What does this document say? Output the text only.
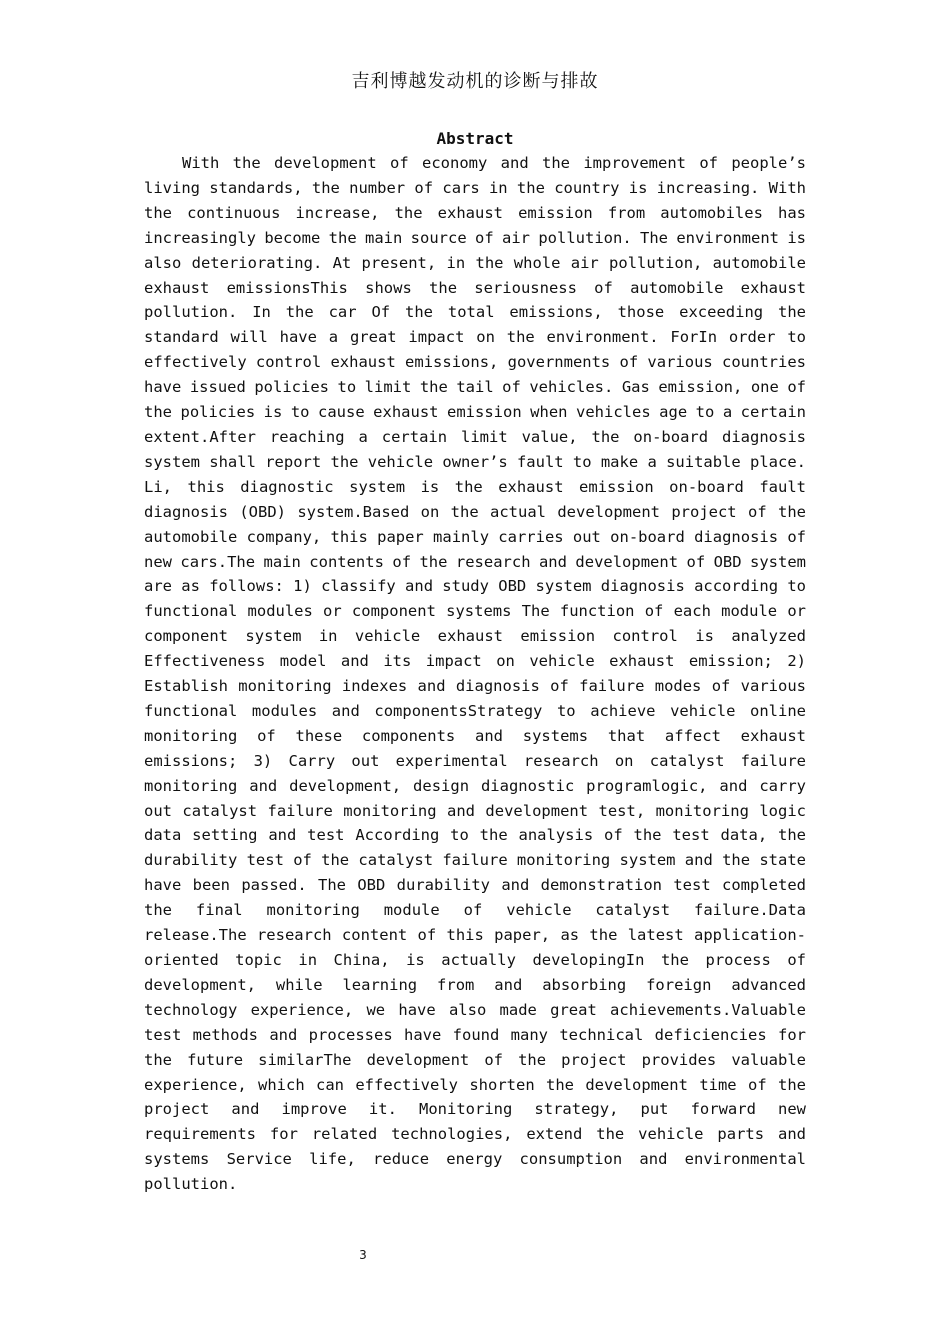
吉利博越发动机的诊断与排故
Abstract

With the development of economy and the improvement of people’s living standards, the number of cars in the country is increasing. With the continuous increase, the exhaust emission from automobiles has increasingly become the main source of air pollution. The environment is also deteriorating. At present, in the whole air pollution, automobile exhaust emissionsThis shows the seriousness of automobile exhaust pollution. In the car Of the total emissions, those exceeding the standard will have a great impact on the environment. ForIn order to effectively control exhaust emissions, governments of various countries have issued policies to limit the tail of vehicles. Gas emission, one of the policies is to cause exhaust emission when vehicles age to a certain extent.After reaching a certain limit value, the on-board diagnosis system shall report the vehicle owner’s fault to make a suitable place. Li, this diagnostic system is the exhaust emission on-board fault diagnosis (OBD) system.Based on the actual development project of the automobile company, this paper mainly carries out on-board diagnosis of new cars.The main contents of the research and development of OBD system are as follows: 1) classify and study OBD system diagnosis according to functional modules or component systems The function of each module or component system in vehicle exhaust emission control is analyzed Effectiveness model and its impact on vehicle exhaust emission; 2) Establish monitoring indexes and diagnosis of failure modes of various functional modules and componentsStrategy to achieve vehicle online monitoring of these components and systems that affect exhaust emissions; 3) Carry out experimental research on catalyst failure monitoring and development, design diagnostic programlogic, and carry out catalyst failure monitoring and development test, monitoring logic data setting and test According to the analysis of the test data, the durability test of the catalyst failure monitoring system and the state have been passed. The OBD durability and demonstration test completed the final monitoring module of vehicle catalyst failure.Data release.The research content of this paper, as the latest application-oriented topic in China, is actually developingIn the process of development, while learning from and absorbing foreign advanced technology experience, we have also made great achievements.Valuable test methods and processes have found many technical deficiencies for the future similarThe development of the project provides valuable experience, which can effectively shorten the development time of the project and improve it. Monitoring strategy, put forward new requirements for related technologies, extend the vehicle parts and systems Service life, reduce energy consumption and environmental pollution.

3
